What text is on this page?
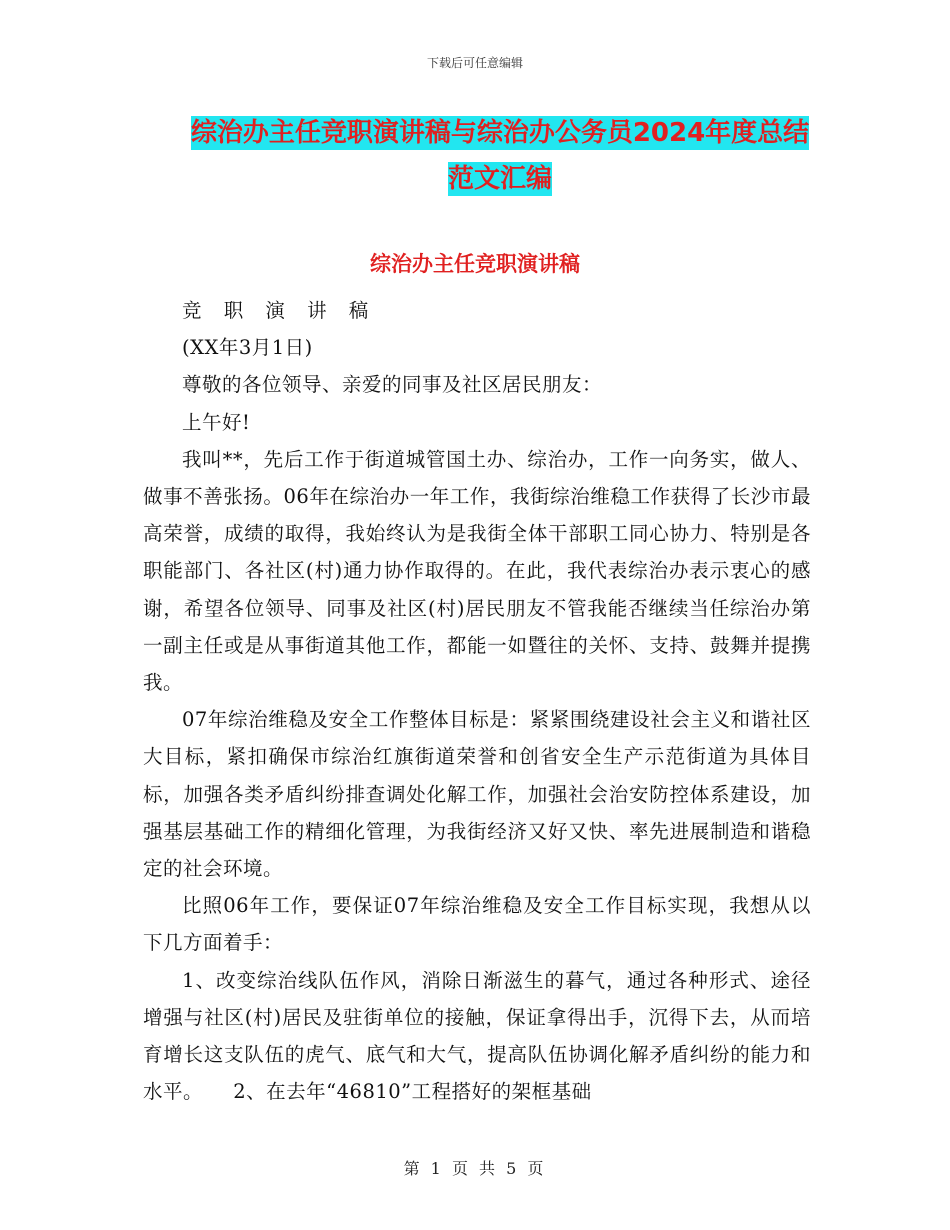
下载后可任意编辑
综治办主任竞职演讲稿与综治办公务员2024年度总结
范文汇编
综治办主任竞职演讲稿

竞 职 演 讲 稿

(XX年3月1日)

尊敬的各位领导、亲爱的同事及社区居民朋友：

上午好!

我叫**，先后工作于街道城管国土办、综治办，工作一向务实，做人、做事不善张扬。06年在综治办一年工作，我街综治维稳工作获得了长沙市最高荣誉，成绩的取得，我始终认为是我街全体干部职工同心协力、特别是各职能部门、各社区(村)通力协作取得的。在此，我代表综治办表示衷心的感谢，希望各位领导、同事及社区(村)居民朋友不管我能否继续当任综治办第一副主任或是从事街道其他工作，都能一如暨往的关怀、支持、鼓舞并提携我。

07年综治维稳及安全工作整体目标是：紧紧围绕建设社会主义和谐社区大目标，紧扣确保市综治红旗街道荣誉和创省安全生产示范街道为具体目标，加强各类矛盾纠纷排查调处化解工作，加强社会治安防控体系建设，加强基层基础工作的精细化管理，为我街经济又好又快、率先进展制造和谐稳定的社会环境。

比照06年工作，要保证07年综治维稳及安全工作目标实现，我想从以下几方面着手：

1、改变综治线队伍作风，消除日渐滋生的暮气，通过各种形式、途径增强与社区(村)居民及驻街单位的接触，保证拿得出手，沉得下去，从而培育增长这支队伍的虎气、底气和大气，提高队伍协调化解矛盾纠纷的能力和水平。　　2、在去年“46810”工程搭好的架框基础

第 1 页 共 5 页
